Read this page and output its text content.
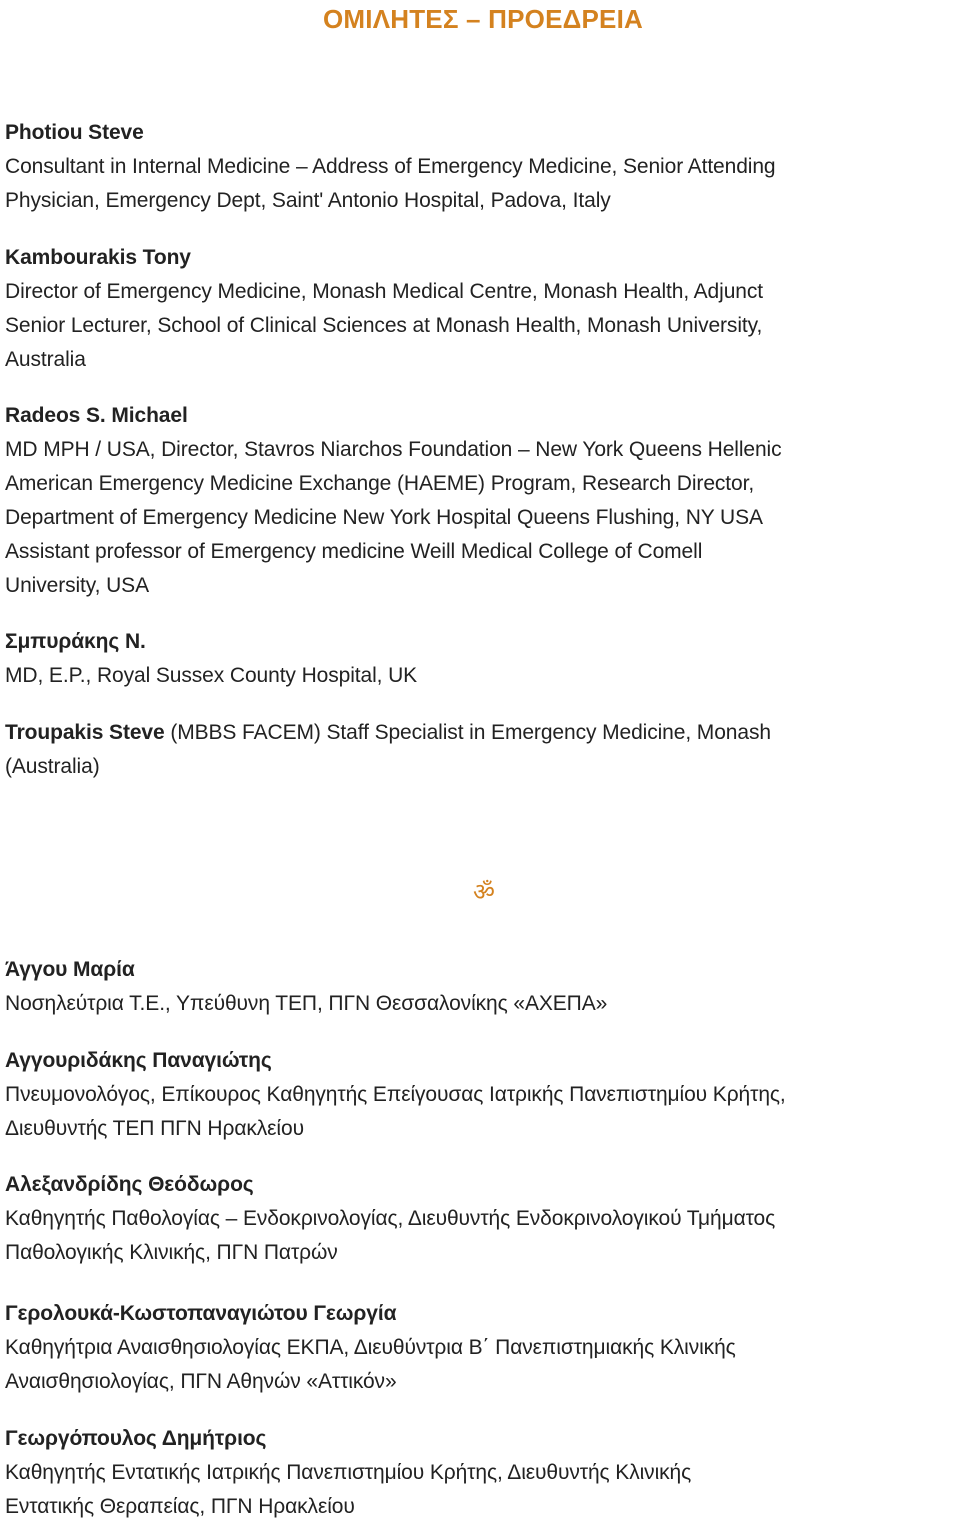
ΟΜΙΛΗΤΕΣ – ΠΡΟΕΔΡΕΙΑ
Photiou Steve
Consultant in Internal Medicine – Address of Emergency Medicine, Senior Attending
Physician, Emergency Dept, Saint' Antonio Hospital, Padova, Italy
Kambourakis Tony
Director of Emergency Medicine, Monash Medical Centre, Monash Health, Adjunct
Senior Lecturer, School of Clinical Sciences at Monash Health, Monash University,
Australia
Radeos S. Michael
MD MPH / USA, Director, Stavros Niarchos Foundation – New York Queens Hellenic
American Emergency Medicine Exchange (HAEME) Program, Research Director,
Department of Emergency Medicine New York Hospital Queens Flushing, NY USA
Assistant professor of Emergency medicine Weill Medical College of Comell
University, USA
Σμπυράκης Ν.
MD, E.P., Royal Sussex County Hospital, UK
Troupakis Steve (MBBS FACEM) Staff Specialist in Emergency Medicine, Monash
(Australia)
ॐ
Άγγου Μαρία
Νοσηλεύτρια Τ.Ε., Υπεύθυνη ΤΕΠ, ΠΓΝ Θεσσαλονίκης «ΑΧΕΠΑ»
Αγγουριδάκης Παναγιώτης
Πνευμονολόγος, Επίκουρος Καθηγητής Επείγουσας Ιατρικής Πανεπιστημίου Κρήτης,
Διευθυντής ΤΕΠ ΠΓΝ Ηρακλείου
Αλεξανδρίδης Θεόδωρος
Καθηγητής Παθολογίας – Ενδοκρινολογίας, Διευθυντής Ενδοκρινολογικού Τμήματος
Παθολογικής Κλινικής, ΠΓΝ Πατρών
Γερολουκά-Κωστοπαναγιώτου Γεωργία
Καθηγήτρια Αναισθησιολογίας ΕΚΠΑ, Διευθύντρια Β΄ Πανεπιστημιακής Κλινικής
Αναισθησιολογίας, ΠΓΝ Αθηνών «Αττικόν»
Γεωργόπουλος Δημήτριος
Καθηγητής Εντατικής Ιατρικής Πανεπιστημίου Κρήτης, Διευθυντής Κλινικής
Εντατικής Θεραπείας, ΠΓΝ Ηρακλείου
